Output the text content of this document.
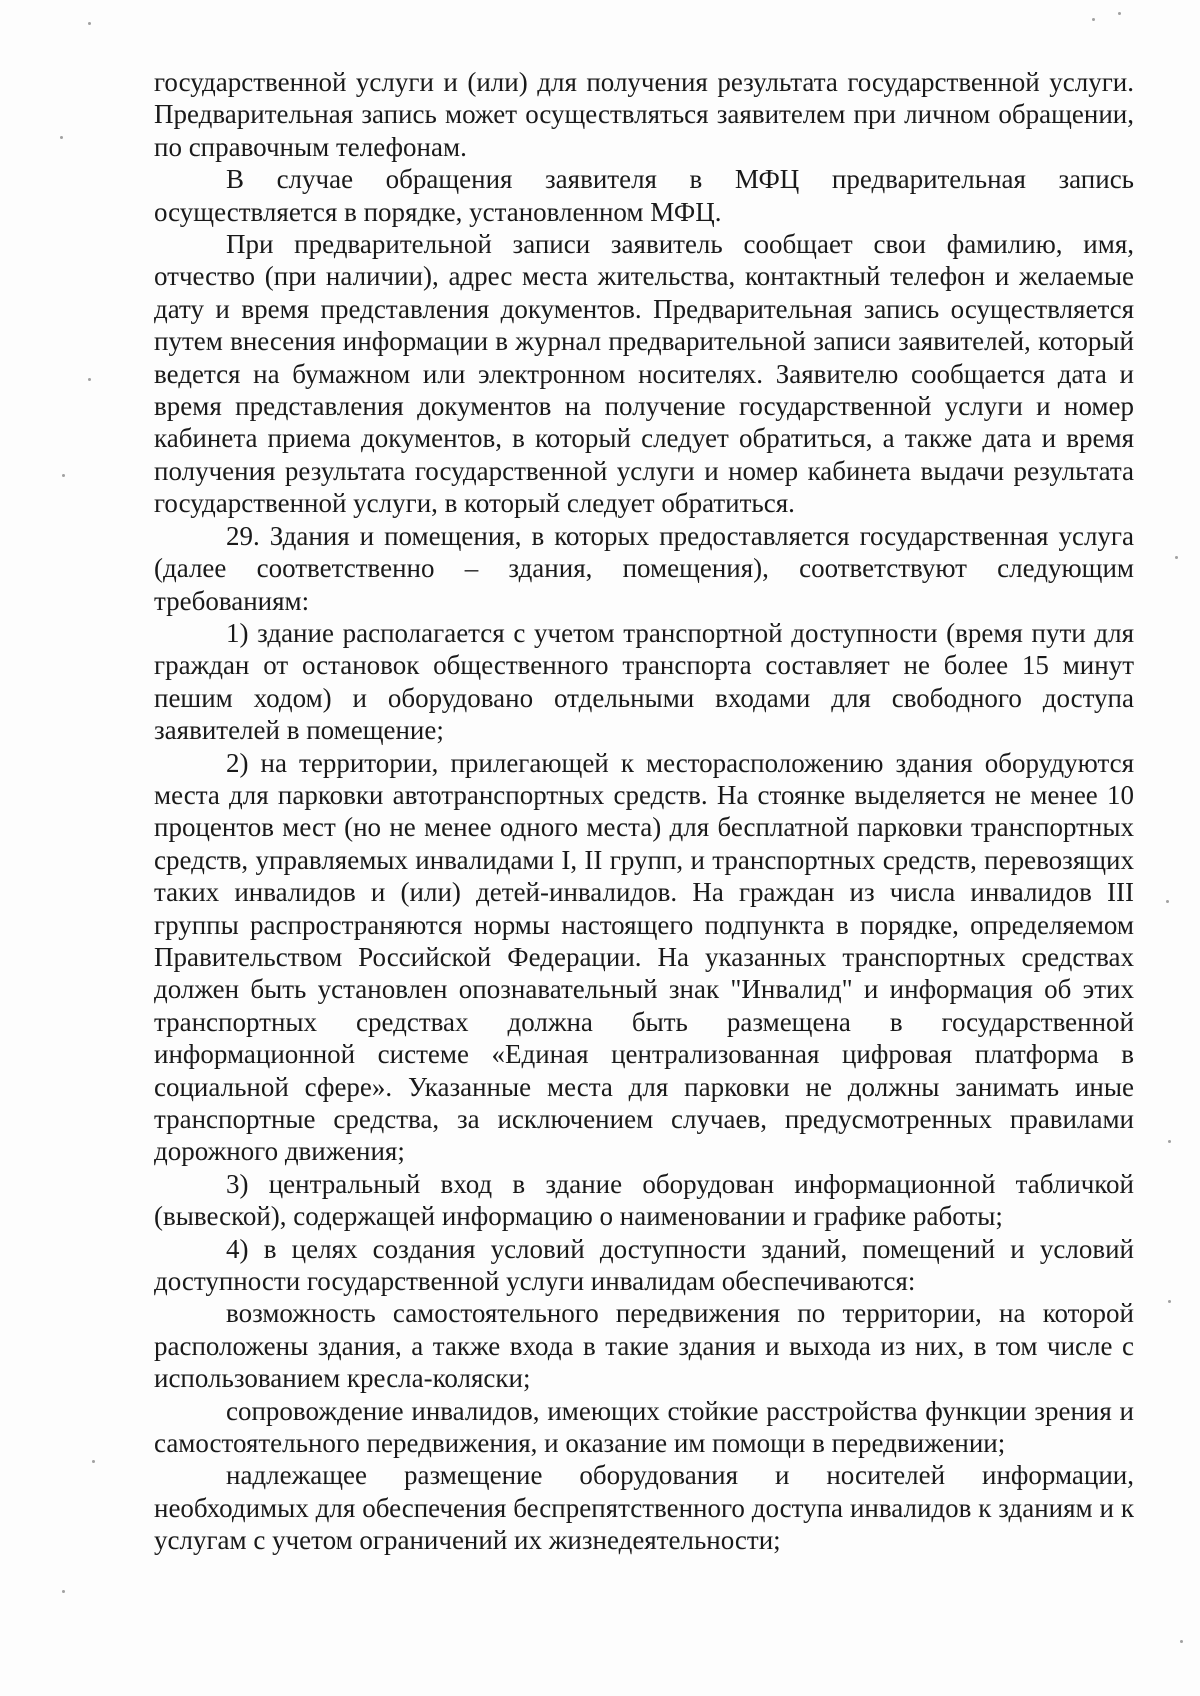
государственной услуги и (или) для получения результата государственной услуги. Предварительная запись может осуществляться заявителем при личном обращении, по справочным телефонам.

В случае обращения заявителя в МФЦ предварительная запись осуществляется в порядке, установленном МФЦ.

При предварительной записи заявитель сообщает свои фамилию, имя, отчество (при наличии), адрес места жительства, контактный телефон и желаемые дату и время представления документов. Предварительная запись осуществляется путем внесения информации в журнал предварительной записи заявителей, который ведется на бумажном или электронном носителях. Заявителю сообщается дата и время представления документов на получение государственной услуги и номер кабинета приема документов, в который следует обратиться, а также дата и время получения результата государственной услуги и номер кабинета выдачи результата государственной услуги, в который следует обратиться.

29. Здания и помещения, в которых предоставляется государственная услуга (далее соответственно – здания, помещения), соответствуют следующим требованиям:

1) здание располагается с учетом транспортной доступности (время пути для граждан от остановок общественного транспорта составляет не более 15 минут пешим ходом) и оборудовано отдельными входами для свободного доступа заявителей в помещение;

2) на территории, прилегающей к месторасположению здания оборудуются места для парковки автотранспортных средств. На стоянке выделяется не менее 10 процентов мест (но не менее одного места) для бесплатной парковки транспортных средств, управляемых инвалидами I, II групп, и транспортных средств, перевозящих таких инвалидов и (или) детей-инвалидов. На граждан из числа инвалидов III группы распространяются нормы настоящего подпункта в порядке, определяемом Правительством Российской Федерации. На указанных транспортных средствах должен быть установлен опознавательный знак "Инвалид" и информация об этих транспортных средствах должна быть размещена в государственной информационной системе «Единая централизованная цифровая платформа в социальной сфере». Указанные места для парковки не должны занимать иные транспортные средства, за исключением случаев, предусмотренных правилами дорожного движения;

3) центральный вход в здание оборудован информационной табличкой (вывеской), содержащей информацию о наименовании и графике работы;

4) в целях создания условий доступности зданий, помещений и условий доступности государственной услуги инвалидам обеспечиваются:

возможность самостоятельного передвижения по территории, на которой расположены здания, а также входа в такие здания и выхода из них, в том числе с использованием кресла-коляски;

сопровождение инвалидов, имеющих стойкие расстройства функции зрения и самостоятельного передвижения, и оказание им помощи в передвижении;

надлежащее размещение оборудования и носителей информации, необходимых для обеспечения беспрепятственного доступа инвалидов к зданиям и к услугам с учетом ограничений их жизнедеятельности;
